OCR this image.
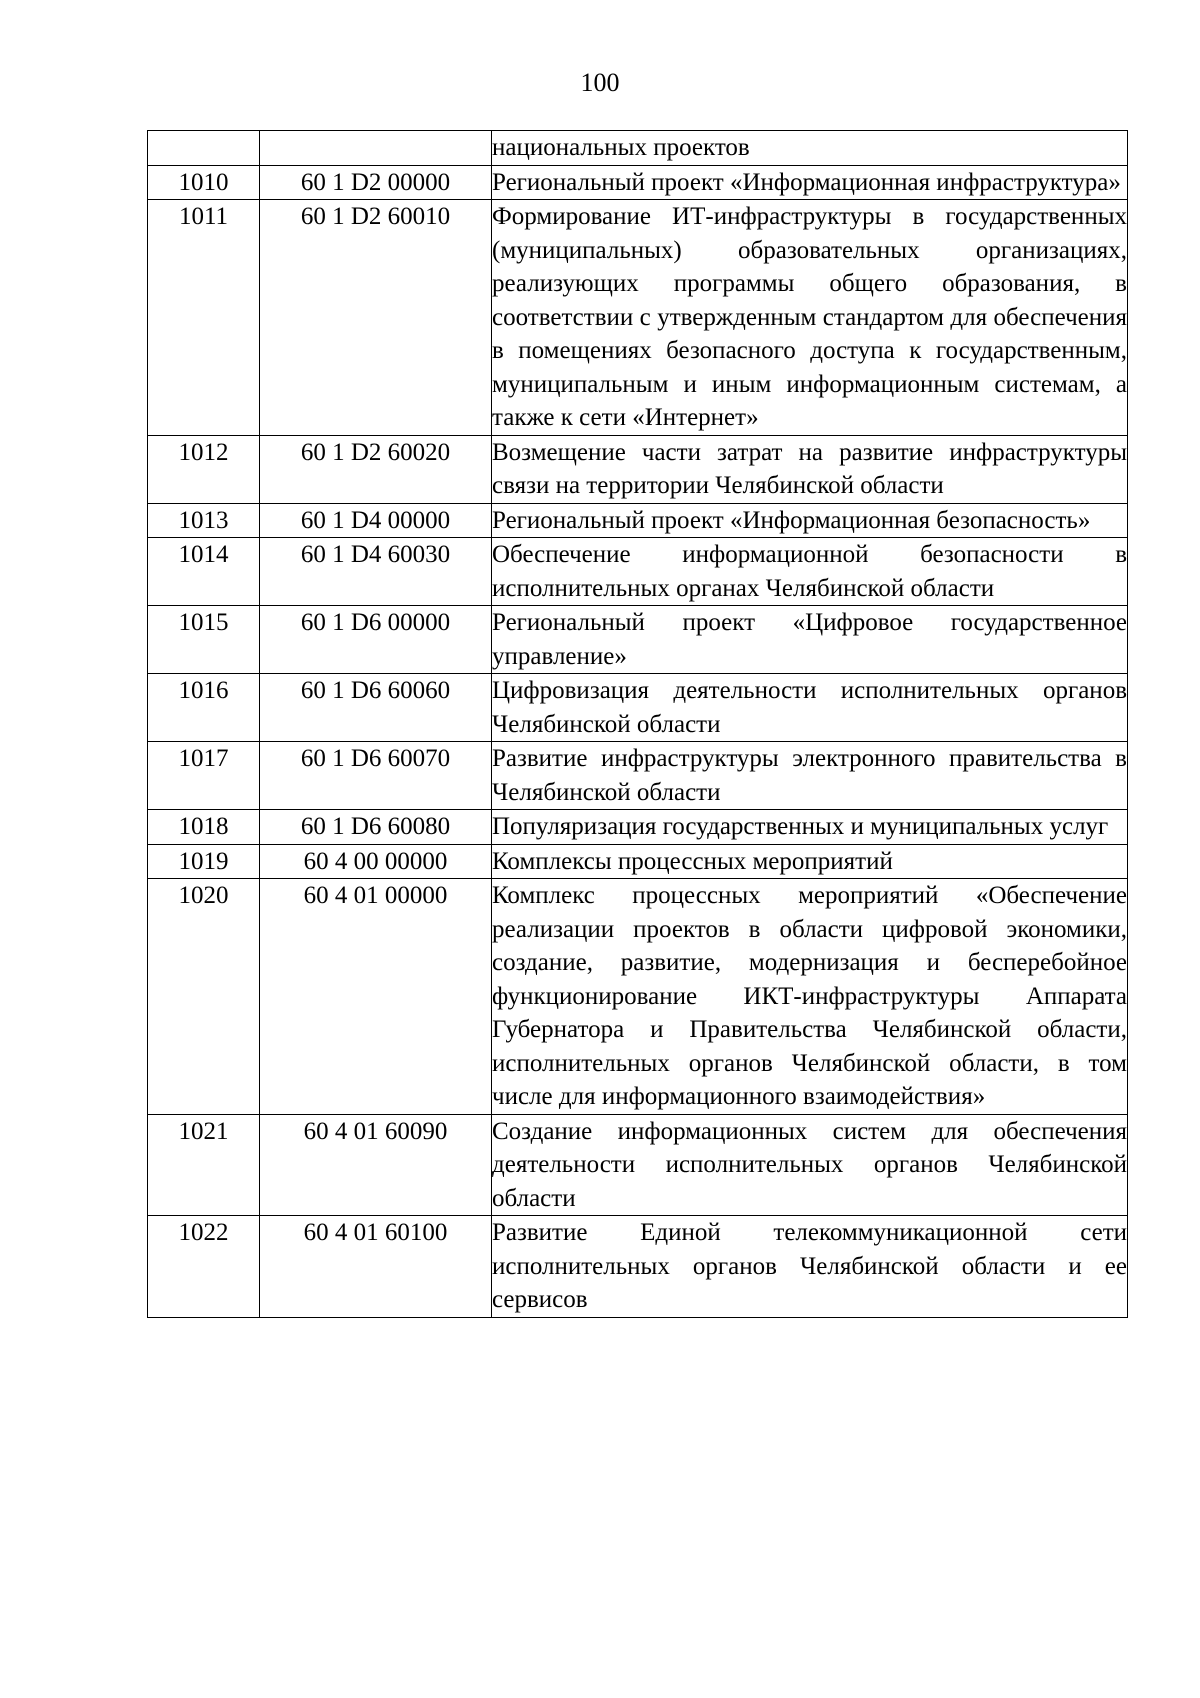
100
		национальных проектов
1010	60 1 D2 00000	Региональный проект «Информационная инфраструктура»
1011	60 1 D2 60010	Формирование ИТ-инфраструктуры в государственных (муниципальных) образовательных организациях, реализующих программы общего образования, в соответствии с утвержденным стандартом для обеспечения в помещениях безопасного доступа к государственным, муниципальным и иным информационным системам, а также к сети «Интернет»
1012	60 1 D2 60020	Возмещение части затрат на развитие инфраструктуры связи на территории Челябинской области
1013	60 1 D4 00000	Региональный проект «Информационная безопасность»
1014	60 1 D4 60030	Обеспечение информационной безопасности в исполнительных органах Челябинской области
1015	60 1 D6 00000	Региональный проект «Цифровое государственное управление»
1016	60 1 D6 60060	Цифровизация деятельности исполнительных органов Челябинской области
1017	60 1 D6 60070	Развитие инфраструктуры электронного правительства в Челябинской области
1018	60 1 D6 60080	Популяризация государственных и муниципальных услуг
1019	60 4 00 00000	Комплексы процессных мероприятий
1020	60 4 01 00000	Комплекс процессных мероприятий «Обеспечение реализации проектов в области цифровой экономики, создание, развитие, модернизация и бесперебойное функционирование ИКТ-инфраструктуры Аппарата Губернатора и Правительства Челябинской области, исполнительных органов Челябинской области, в том числе для информационного взаимодействия»
1021	60 4 01 60090	Создание информационных систем для обеспечения деятельности исполнительных органов Челябинской области
1022	60 4 01 60100	Развитие Единой телекоммуникационной сети исполнительных органов Челябинской области и ее сервисов
